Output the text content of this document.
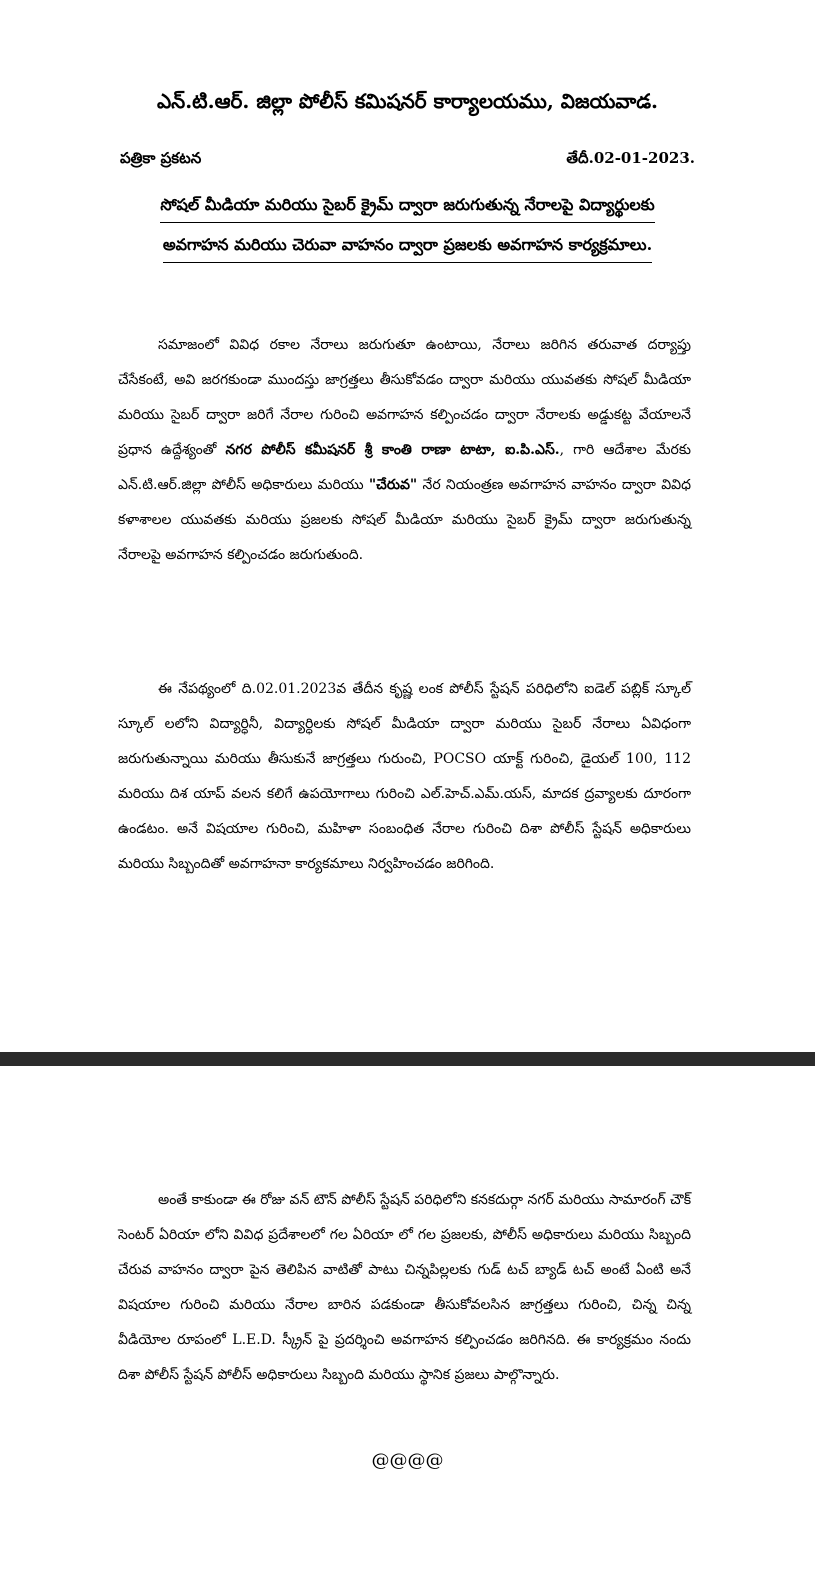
ఎన్.టి.ఆర్. జిల్లా పోలీస్ కమిషనర్ కార్యాలయము, విజయవాడ.
పత్రికా ప్రకటన	తేదీ.02-01-2023.
సోషల్ మీడియా మరియు సైబర్ క్రైమ్ ద్వారా జరుగుతున్న నేరాలపై విద్యార్థులకు
అవగాహన మరియు చెరువా వాహనం ద్వారా ప్రజలకు అవగాహన కార్యక్రమాలు.
సమాజంలో వివిధ రకాల నేరాలు జరుగుతూ ఉంటాయి, నేరాలు జరిగిన తరువాత దర్యాప్తు చేసేకంటే, అవి జరగకుండా ముందస్తు జాగ్రత్తలు తీసుకోవడం ద్వారా మరియు యువతకు సోషల్ మీడియా మరియు సైబర్ ద్వారా జరిగే నేరాల గురించి అవగాహన కల్పించడం ద్వారా నేరాలకు అడ్డుకట్ట వేయాలనే ప్రధాన ఉద్దేశ్యంతో నగర పోలీస్ కమీషనర్ శ్రీ కాంతి రాణా టాటా, ఐ.పి.ఎస్., గారి ఆదేశాల మేరకు ఎన్.టి.ఆర్.జిల్లా పోలీస్ అధికారులు మరియు "చేరువ" నేర నియంత్రణ అవగాహన వాహనం ద్వారా వివిధ కళాశాలల యువతకు మరియు ప్రజలకు సోషల్ మీడియా మరియు సైబర్ క్రైమ్ ద్వారా జరుగుతున్న నేరాలపై అవగాహన కల్పించడం జరుగుతుంది.
ఈ నేపథ్యంలో ది.02.01.2023వ తేదీన కృష్ణ లంక పోలీస్ స్టేషన్ పరిధిలోని ఐడెల్ పబ్లిక్ స్కూల్ స్కూల్ లలోని విద్యార్ధినీ, విద్యార్ధిలకు సోషల్ మీడియా ద్వారా మరియు సైబర్ నేరాలు ఏవిధంగా జరుగుతున్నాయి మరియు తీసుకునే జాగ్రత్తలు గురుంచి, POCSO యాక్ట్ గురించి, డైయల్ 100, 112 మరియు దిశ యాప్ వలన కలిగే ఉపయోగాలు గురించి ఎల్.హెచ్.ఎమ్.యస్, మాదక ద్రవ్యాలకు దూరంగా ఉండటం. అనే విషయాల గురించి, మహిళా సంబంధిత నేరాల గురించి దిశా పోలీస్ స్టేషన్ అధికారులు మరియు సిబ్బందితో అవగాహనా కార్యకమాలు నిర్వహించడం జరిగింది.
అంతే కాకుండా ఈ రోజు వన్ టౌన్ పోలీస్ స్టేషన్ పరిధిలోని కనకదుర్గా నగర్ మరియు సామారంగ్ చౌక్ సెంటర్ ఏరియా లోని వివిధ ప్రదేశాలలో గల ఏరియా లో గల ప్రజలకు, పోలీస్ అధికారులు మరియు సిబ్బంది చేరువ వాహనం ద్వారా పైన తెలిపిన వాటితో పాటు చిన్నపిల్లలకు గుడ్ టచ్ బ్యాడ్ టచ్ అంటే ఏంటి అనే విషయాల గురించి మరియు నేరాల బారిన పడకుండా తీసుకోవలసిన జాగ్రత్తలు గురించి, చిన్న చిన్న వీడియోల రూపంలో L.E.D. స్క్రీన్ పై ప్రదర్శించి అవగాహన కల్పించడం జరిగినది. ఈ కార్యక్రమం నందు దిశా పోలీస్ స్టేషన్ పోలీస్ అధికారులు సిబ్బంది మరియు స్థానిక ప్రజలు పాల్గొన్నారు.
@@@@
